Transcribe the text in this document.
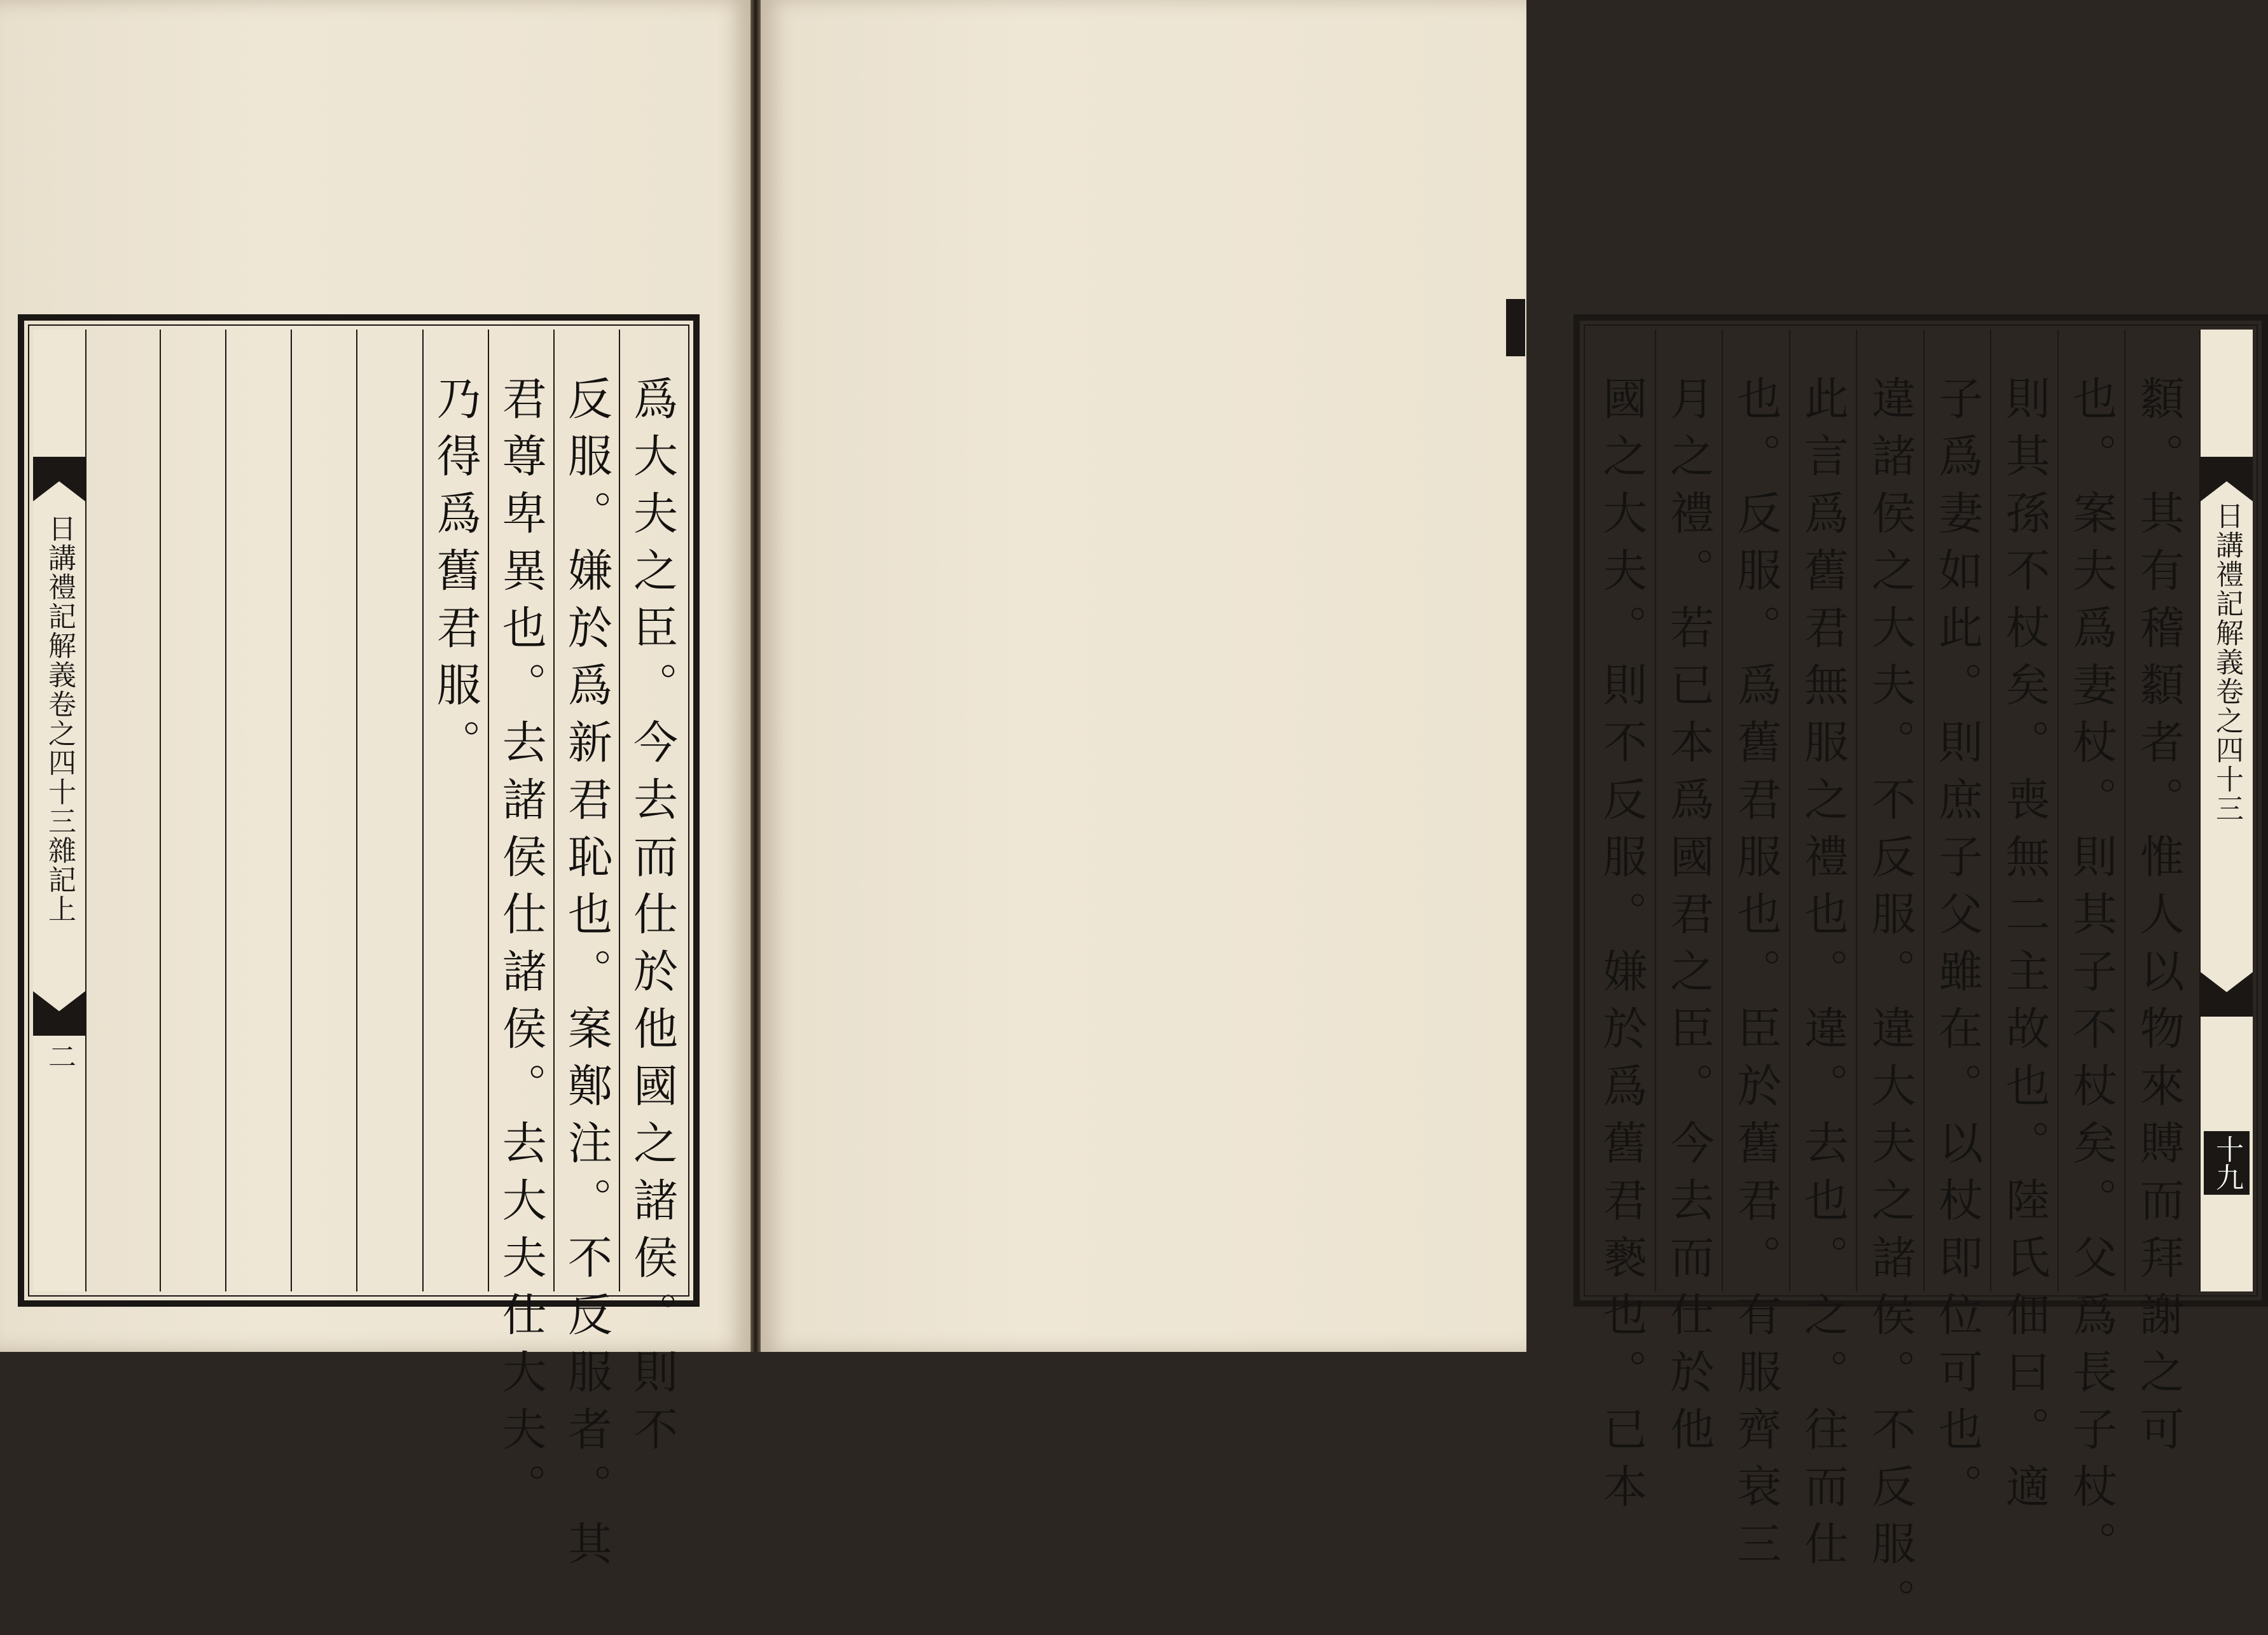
爲大夫之臣。今去而仕於他國之諸侯。則不
反服。嫌於爲新君恥也。案鄭注。不反服者。其
君尊卑異也。去諸侯仕諸侯。去大夫仕大夫。
乃得爲舊君服。
日講禮記解義卷之四十三雜記上
二	纇。其有稽纇者。惟人以物來賻而拜謝之可
也。案夫爲妻杖。則其子不杖矣。父爲長子杖。
則其孫不杖矣。喪無二主故也。陸氏佃曰。適
子爲妻如此。則庶子父雖在。以杖即位可也。
違諸侯之大夫。不反服。違大夫之諸侯。不反服。
此言爲舊君無服之禮也。違。去也。之。往而仕
也。反服。爲舊君服也。臣於舊君。有服齊衰三
月之禮。若已本爲國君之臣。今去而仕於他
國之大夫。則不反服。嫌於爲舊君褻也。已本	日講禮記解義卷之四十三
十九
